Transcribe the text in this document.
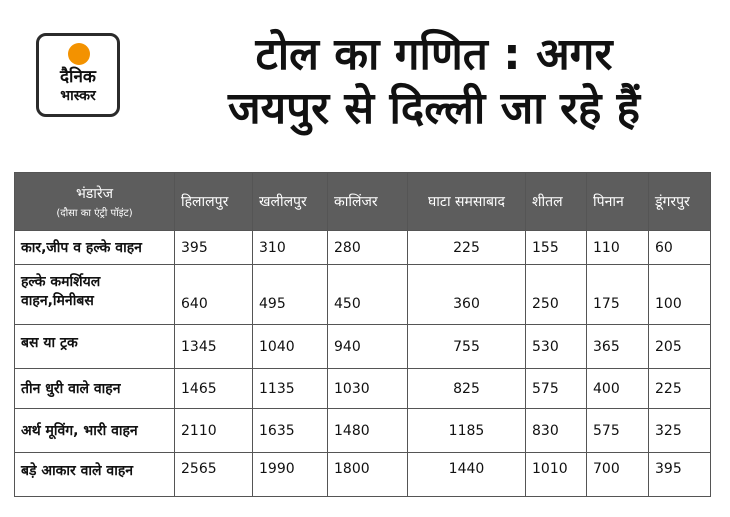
दैनिक
भास्कर
टोल का गणित : अगर
जयपुर से दिल्ली जा रहे हैं
भंडारेज
(दौसा का एंट्री पॉइंट)	हिलालपुर	खलीलपुर	कालिंजर	घाटा समसाबाद	शीतल	पिनान	डूंगरपुर
कार,जीप व हल्के वाहन	395	310	280	225	155	110	60

हल्के कमर्शियल
वाहन,मिनीबस	640	495	450	360	250	175	100
बस या ट्रक	1345	1040	940	755	530	365	205
तीन धुरी वाले वाहन	1465	1135	1030	825	575	400	225
अर्थ मूविंग, भारी वाहन	2110	1635	1480	1185	830	575	325
बड़े आकार वाले वाहन	2565	1990	1800	1440	1010	700	395
